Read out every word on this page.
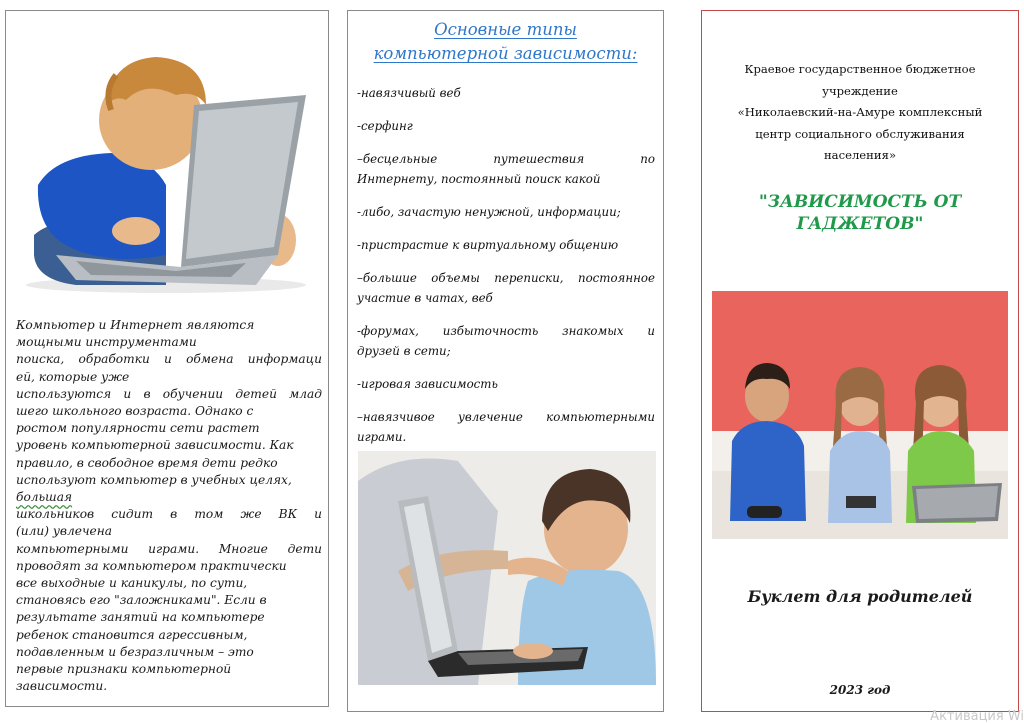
Компьютер и Интернет являются
мощными инструментами
поиска, обработки и обмена информаци
ей, которые уже
используются и в обучении детей млад
шего школьного возраста. Однако с
ростом популярности сети растет
уровень компьютерной зависимости. Как
правило, в свободное время дети редко
используют компьютер в учебных целях,
большая
школьников сидит в том же ВК и
(или) увлечена
компьютерными играми. Многие дети
проводят за компьютером практически
все выходные и каникулы, по сути,
становясь его "заложниками". Если в
результате занятий на компьютере
ребенок становится агрессивным,
подавленным и безразличным – это
первые признаки компьютерной
зависимости.
Основные типы
компьютерной зависимости:
-навязчивый веб
-серфинг
–бесцельные путешествия по
Интернету, постоянный поиск какой
-либо, зачастую ненужной, информации;
-пристрастие к виртуальному общению
–большие объемы переписки, постоянное
участие в чатах, веб
-форумах, избыточность знакомых и
друзей в сети;
-игровая зависимость
–навязчивое увлечение компьютерными
играми.
Краевое государственное бюджетное
учреждение
«Николаевский-на-Амуре комплексный
центр социального обслуживания
населения»
"ЗАВИСИМОСТЬ ОТ
ГАДЖЕТОВ"
Буклет для родителей
2023 год
Активация Wi
